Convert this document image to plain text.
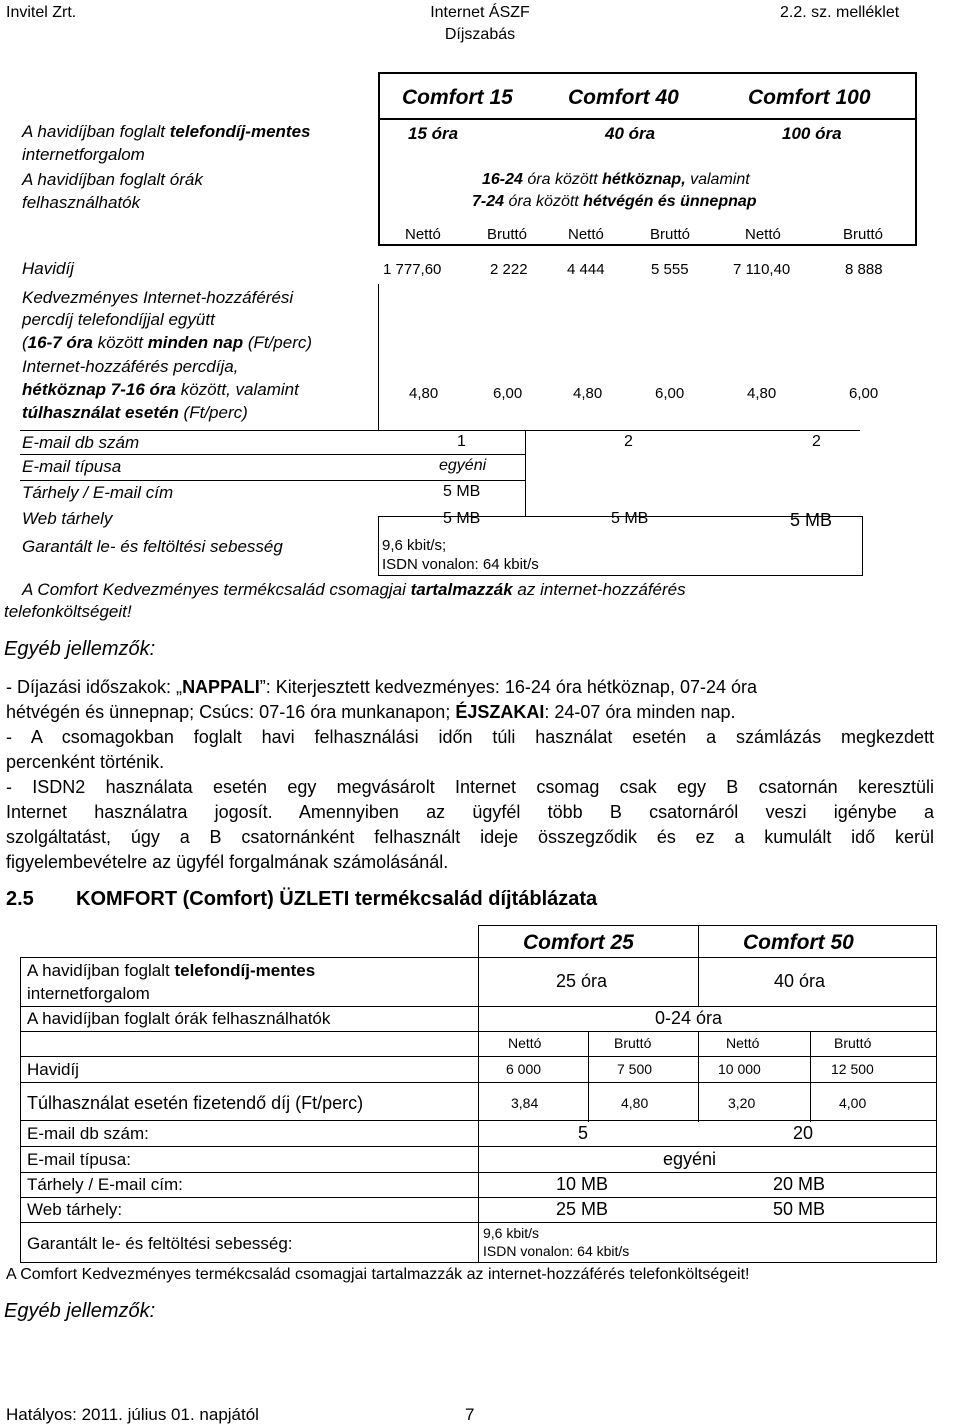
Invitel Zrt.	Internet ÁSZF
Díjszabás
2.2. sz. melléklet
Comfort 15	Comfort 40	Comfort 100
A havidíjban foglalt telefondíj-mentes
internetforgalom
A havidíjban foglalt órák
felhasználhatók
15 óra	40 óra	100 óra
16-24 óra között hétköznap, valamint
7-24 óra között hétvégén és ünnepnap
Nettó	Bruttó	Nettó	Bruttó	Nettó	Bruttó
Havidíj	1 777,60	2 222	4 444	5 555	7 110,40	8 888
Kedvezményes Internet-hozzáférési
percdíj telefondíjjal együtt
(16-7 óra között minden nap (Ft/perc)
Internet-hozzáférés percdíja,
hétköznap 7-16 óra között, valamint
túlhasználat esetén (Ft/perc)
4,80	6,00	4,80	6,00	4,80	6,00
E-mail db szám	1	2	2
E-mail típusa	egyéni
Tárhely / E-mail cím	5 MB
Web tárhely	5 MB	5 MB	5 MB
Garantált le- és feltöltési sebesség	9,6 kbit/s;
ISDN vonalon: 64 kbit/s
A Comfort Kedvezményes termékcsalád csomagjai tartalmazzák az internet-hozzáférés
telefonköltségeit!
Egyéb jellemzők:
- Díjazási időszakok: „NAPPALI”: Kiterjesztett kedvezményes: 16-24 óra hétköznap, 07-24 óra
hétvégén és ünnepnap; Csúcs: 07-16 óra munkanapon; ÉJSZAKAI: 24-07 óra minden nap.
- A csomagokban foglalt havi felhasználási időn túli használat esetén a számlázás megkezdett
percenként történik.
- ISDN2 használata esetén egy megvásárolt Internet csomag csak egy B csatornán keresztüli
Internet használatra jogosít. Amennyiben az ügyfél több B csatornáról veszi igénybe a
szolgáltatást, úgy a B csatornánként felhasznált ideje összegződik és ez a kumulált idő kerül
figyelembevételre az ügyfél forgalmának számolásánál.
2.5 KOMFORT (Comfort) ÜZLETI termékcsalád díjtáblázata
Comfort 25	Comfort 50
A havidíjban foglalt telefondíj-mentes
internetforgalom
25 óra	40 óra
A havidíjban foglalt órák felhasználhatók	0-24 óra
Nettó	Bruttó	Nettó	Bruttó
Havidíj	6 000	7 500	10 000	12 500
Túlhasználat esetén fizetendő díj (Ft/perc)	3,84	4,80	3,20	4,00
E-mail db szám:	5	20
E-mail típusa:	egyéni
Tárhely / E-mail cím:	10 MB	20 MB
Web tárhely:	25 MB	50 MB
Garantált le- és feltöltési sebesség:
9,6 kbit/s
ISDN vonalon: 64 kbit/s
A Comfort Kedvezményes termékcsalád csomagjai tartalmazzák az internet-hozzáférés telefonköltségeit!
Egyéb jellemzők:
Hatályos: 2011. július 01. napjától	7
